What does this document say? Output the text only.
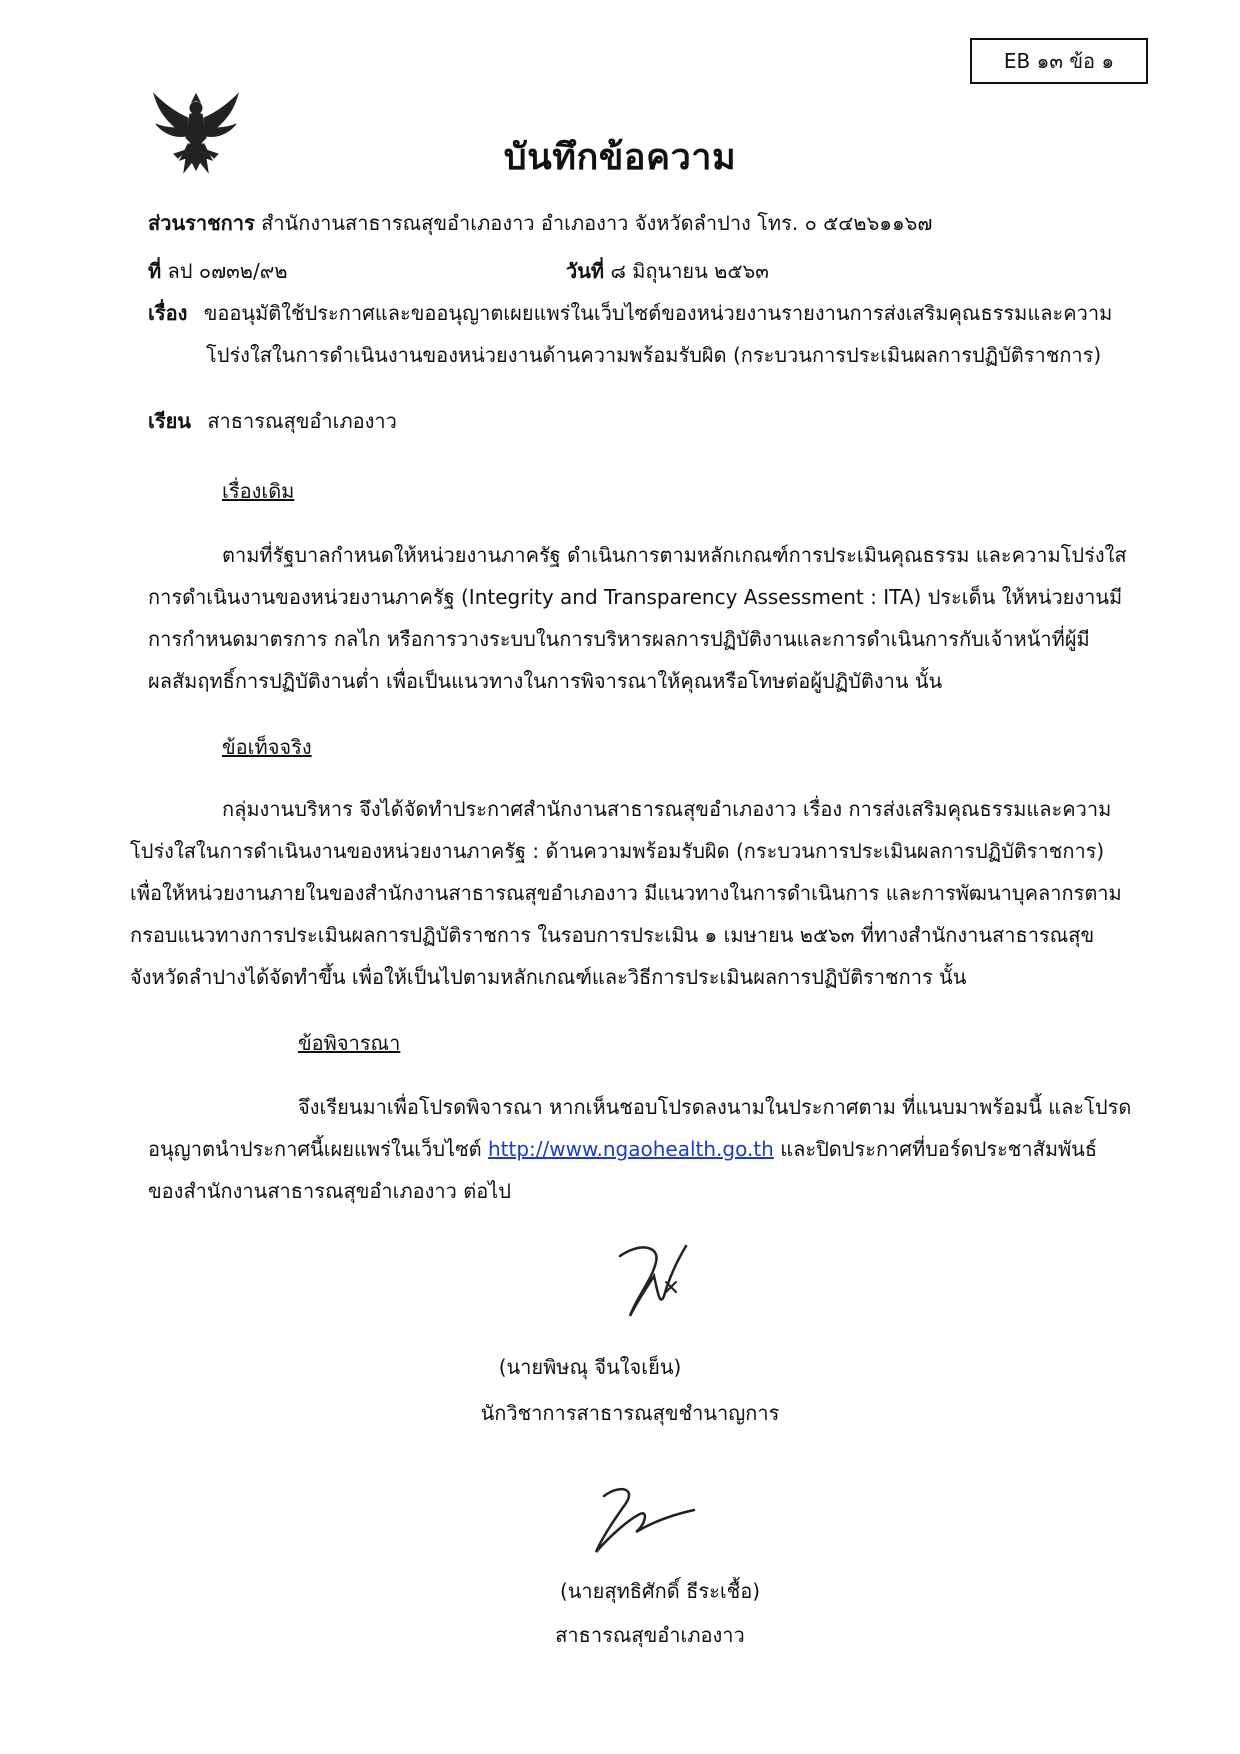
EB ๑๓ ข้อ ๑
บันทึกข้อความ
ส่วนราชการ สำนักงานสาธารณสุขอำเภองาว อำเภองาว จังหวัดลำปาง โทร. ๐ ๕๔๒๖๑๑๖๗
ที่ ลป ๐๗๓๒/๙๒	วันที่ ๘ มิถุนายน ๒๕๖๓
เรื่อง ขออนุมัติใช้ประกาศและขออนุญาตเผยแพร่ในเว็บไซต์ของหน่วยงานรายงานการส่งเสริมคุณธรรมและความ
โปร่งใสในการดำเนินงานของหน่วยงานด้านความพร้อมรับผิด (กระบวนการประเมินผลการปฏิบัติราชการ)
เรียน สาธารณสุขอำเภองาว
เรื่องเดิม
ตามที่รัฐบาลกำหนดให้หน่วยงานภาครัฐ ดำเนินการตามหลักเกณฑ์การประเมินคุณธรรม และความโปร่งใส
การดำเนินงานของหน่วยงานภาครัฐ (Integrity and Transparency Assessment : ITA) ประเด็น ให้หน่วยงานมี
การกำหนดมาตรการ กลไก หรือการวางระบบในการบริหารผลการปฏิบัติงานและการดำเนินการกับเจ้าหน้าที่ผู้มี
ผลสัมฤทธิ์การปฏิบัติงานต่ำ เพื่อเป็นแนวทางในการพิจารณาให้คุณหรือโทษต่อผู้ปฏิบัติงาน นั้น
ข้อเท็จจริง
กลุ่มงานบริหาร จึงได้จัดทำประกาศสำนักงานสาธารณสุขอำเภองาว เรื่อง การส่งเสริมคุณธรรมและความ
โปร่งใสในการดำเนินงานของหน่วยงานภาครัฐ : ด้านความพร้อมรับผิด (กระบวนการประเมินผลการปฏิบัติราชการ)
เพื่อให้หน่วยงานภายในของสำนักงานสาธารณสุขอำเภองาว มีแนวทางในการดำเนินการ และการพัฒนาบุคลากรตาม
กรอบแนวทางการประเมินผลการปฏิบัติราชการ ในรอบการประเมิน ๑ เมษายน ๒๕๖๓ ที่ทางสำนักงานสาธารณสุข
จังหวัดลำปางได้จัดทำขึ้น เพื่อให้เป็นไปตามหลักเกณฑ์และวิธีการประเมินผลการปฏิบัติราชการ นั้น
ข้อพิจารณา
จึงเรียนมาเพื่อโปรดพิจารณา หากเห็นชอบโปรดลงนามในประกาศตาม ที่แนบมาพร้อมนี้ และโปรด
อนุญาตนำประกาศนี้เผยแพร่ในเว็บไซต์ http://www.ngaohealth.go.th และปิดประกาศที่บอร์ดประชาสัมพันธ์
ของสำนักงานสาธารณสุขอำเภองาว ต่อไป
(นายพิษณุ จีนใจเย็น)
นักวิชาการสาธารณสุขชำนาญการ
(นายสุทธิศักดิ์ ธีระเชื้อ)
สาธารณสุขอำเภองาว
